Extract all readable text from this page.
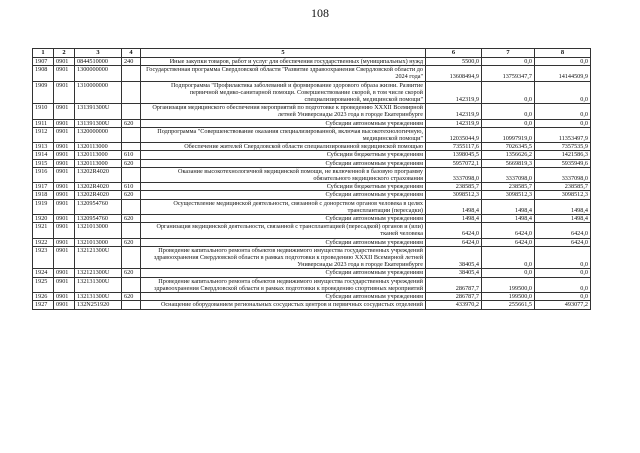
108
1	2	3	4	5	6	7	8
1907	0901	0844510000	240	Иные закупки товаров, работ и услуг для обеспечения государственных (муниципальных) нужд	5500,0	0,0	0,0
1908	0901	1300000000		Государственная программа Свердловской области "Развитие здравоохранения Свердловской области до 2024 года"	13608494,9	13759347,7	14144509,9
1909	0901	1310000000		Подпрограмма "Профилактика заболеваний и формирование здорового образа жизни. Развитие первичной медико-санитарной помощи. Совершенствование скорой, в том числе скорой специализированной, медицинской помощи"	142319,9	0,0	0,0
1910	0901	131391300U		Организация медицинского обеспечения мероприятий по подготовке к проведению XXXII Всемирной летней Универсиады 2023 года в городе Екатеринбурге	142319,9	0,0	0,0
1911	0901	131391300U	620	Субсидии автономным учреждениям	142319,9	0,0	0,0
1912	0901	1320000000		Подпрограмма "Совершенствование оказания специализированной, включая высокотехнологичную, медицинской помощи"	12035044,9	10997919,0	11353497,9
1913	0901	1320113000		Обеспечение жителей Свердловской области специализированной медицинской помощью	7355117,6	7026345,5	7357535,9
1914	0901	1320113000	610	Субсидии бюджетным учреждениям	1398045,5	1356626,2	1421586,3
1915	0901	1320113000	620	Субсидии автономным учреждениям	5957072,1	5669819,3	5935949,6
1916	0901	13202R4020		Оказание высокотехнологичной медицинской помощи, не включенной в базовую программу обязательного медицинского страхования	3337098,0	3337098,0	3337098,0
1917	0901	13202R4020	610	Субсидии бюджетным учреждениям	238585,7	238585,7	238585,7
1918	0901	13202R4020	620	Субсидии автономным учреждениям	3098512,3	3098512,3	3098512,3
1919	0901	1320954760		Осуществление медицинской деятельности, связанной с донорством органов человека в целях трансплантации (пересадки)	1498,4	1498,4	1498,4
1920	0901	1320954760	620	Субсидии автономным учреждениям	1498,4	1498,4	1498,4
1921	0901	1321013000		Организация медицинской деятельности, связанной с трансплантацией (пересадкой) органов и (или) тканей человека	6424,0	6424,0	6424,0
1922	0901	1321013000	620	Субсидии автономным учреждениям	6424,0	6424,0	6424,0
1923	0901	132121300U		Проведение капитального ремонта объектов недвижимого имущества государственных учреждений здравоохранения Свердловской области в рамках подготовки к проведению XXXII Всемирной летней Универсиады 2023 года в городе Екатеринбурге	38405,4	0,0	0,0
1924	0901	132121300U	620	Субсидии автономным учреждениям	38405,4	0,0	0,0
1925	0901	132131300U		Проведение капитального ремонта объектов недвижимого имущества государственных учреждений здравоохранения Свердловской области в рамках подготовки к проведению спортивных мероприятий	286787,7	199500,0	0,0
1926	0901	132131300U	620	Субсидии автономным учреждениям	286787,7	199500,0	0,0
1927	0901	132N251920		Оснащение оборудованием региональных сосудистых центров и первичных сосудистых отделений	433970,2	255661,5	493077,2
